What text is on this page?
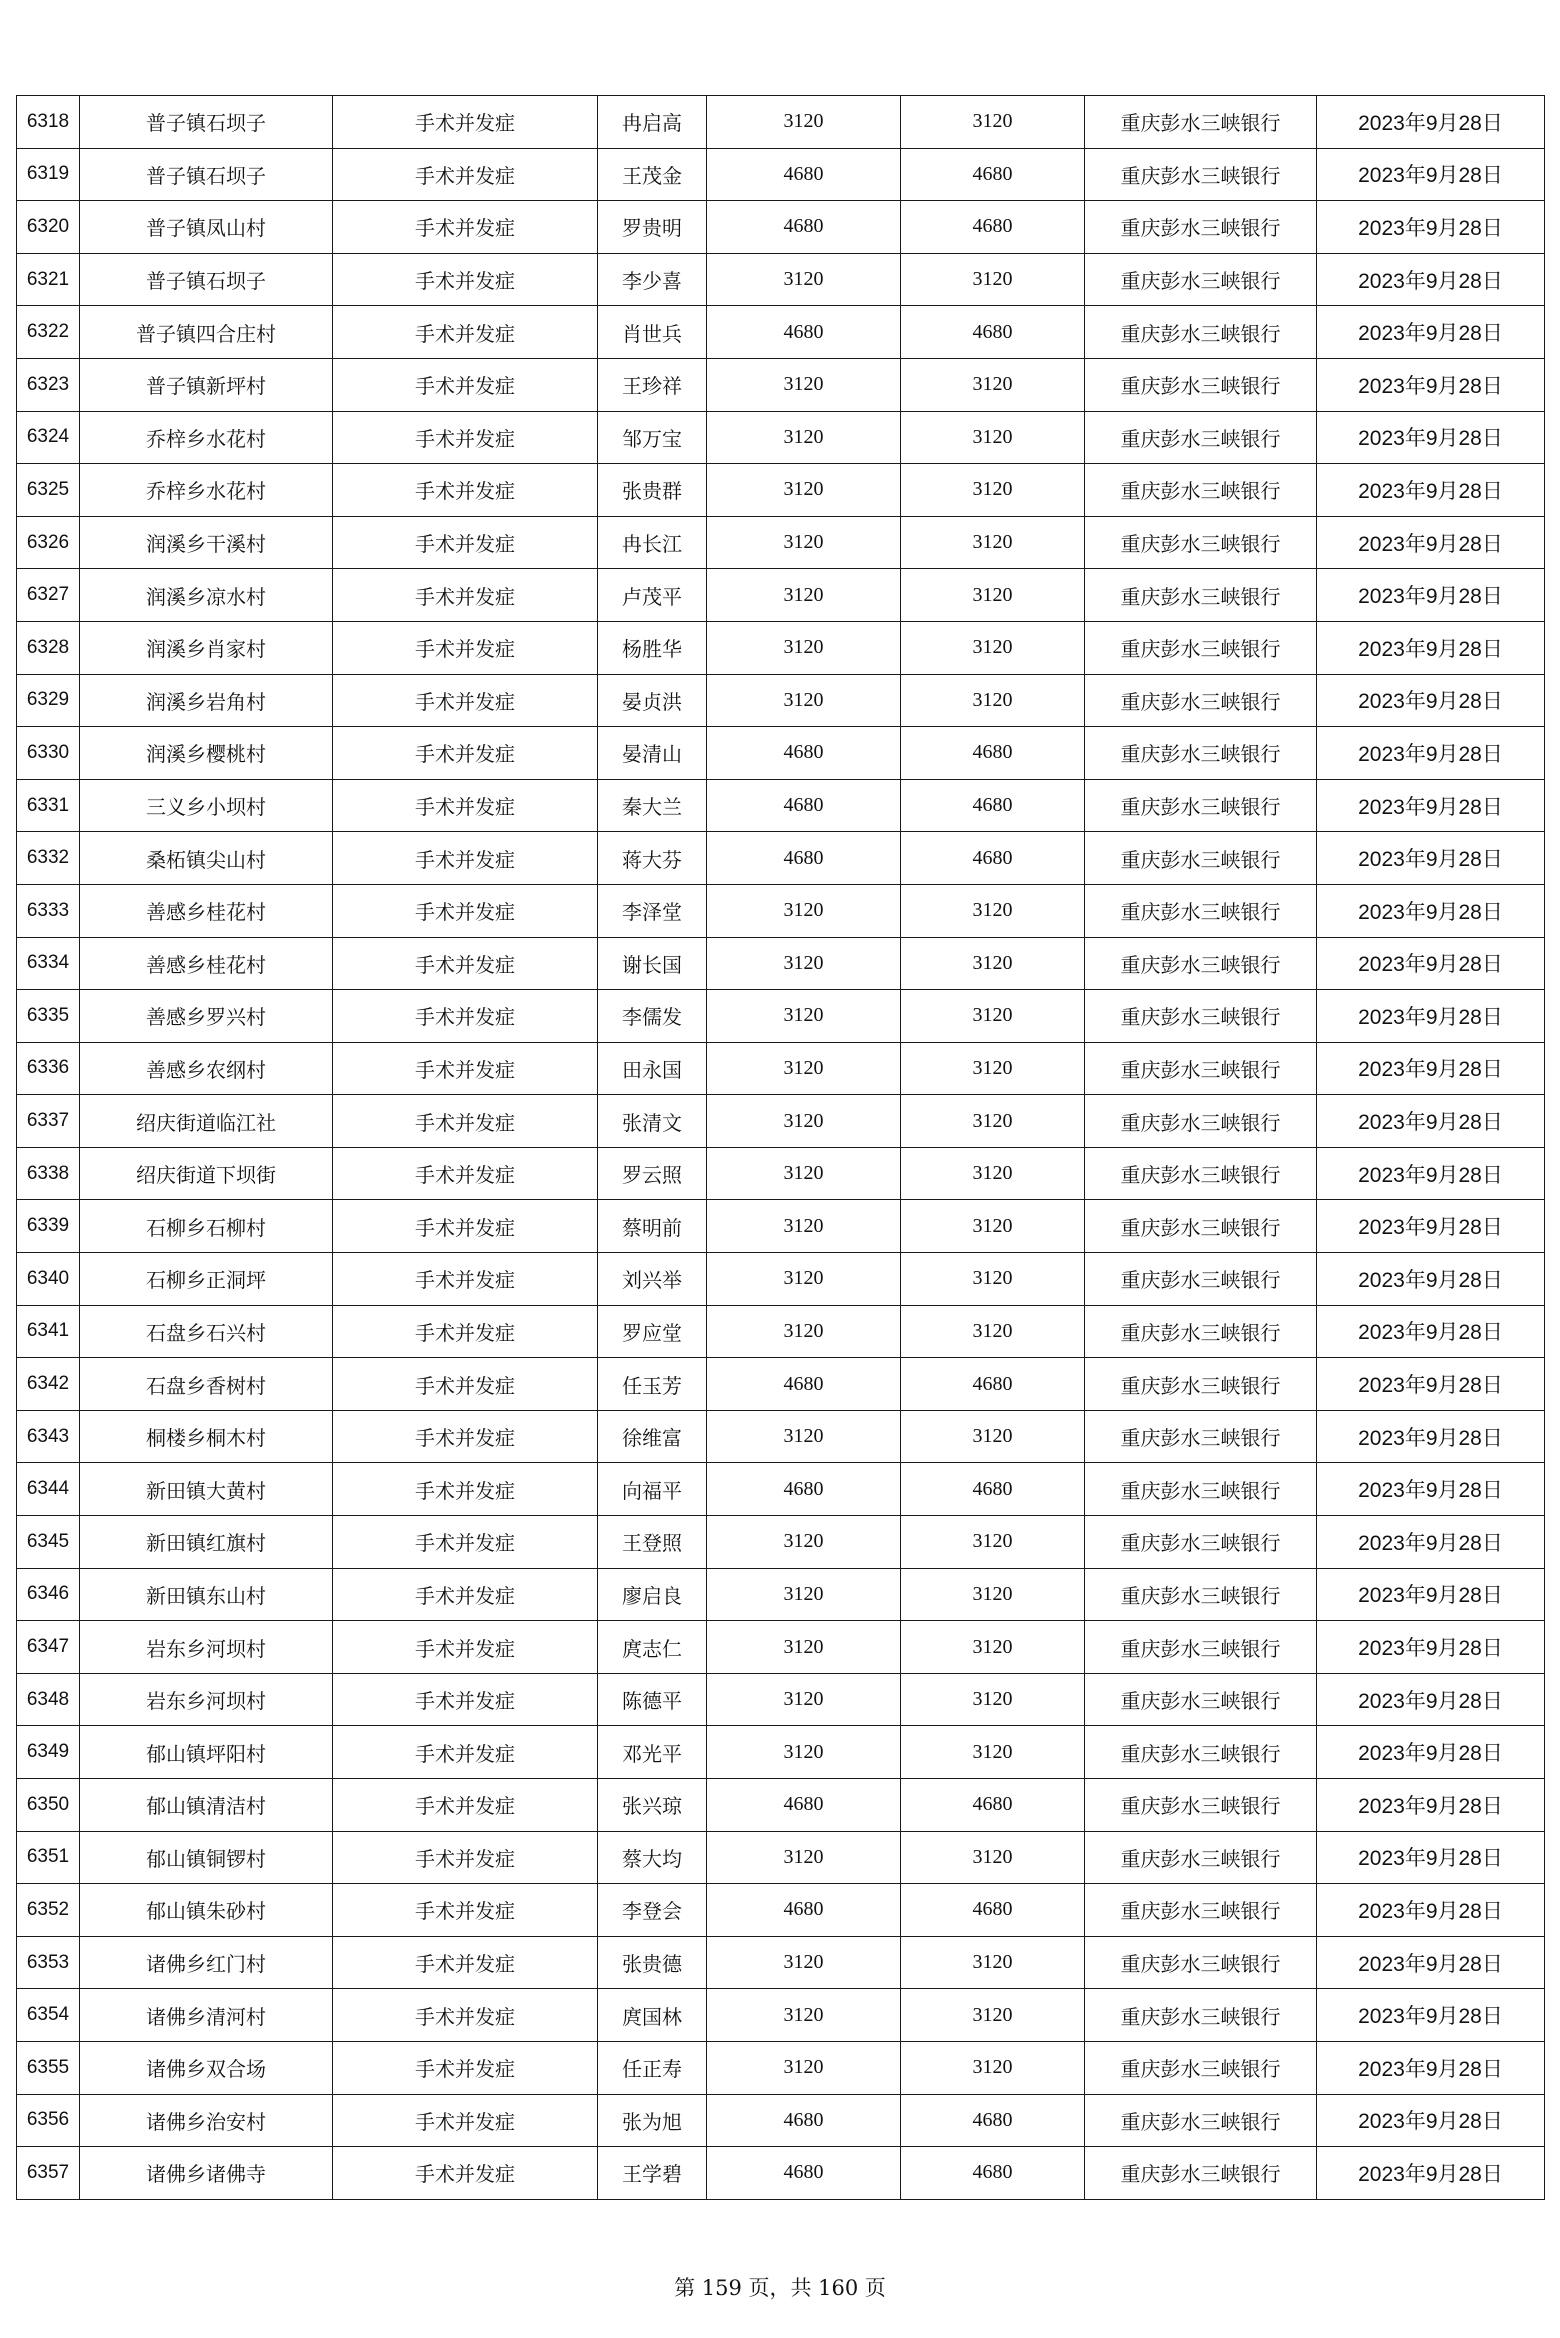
6318	普子镇石坝子	手术并发症	冉启高	3120	3120	重庆彭水三峡银行	2023年9月28日
6319	普子镇石坝子	手术并发症	王茂金	4680	4680	重庆彭水三峡银行	2023年9月28日
6320	普子镇凤山村	手术并发症	罗贵明	4680	4680	重庆彭水三峡银行	2023年9月28日
6321	普子镇石坝子	手术并发症	李少喜	3120	3120	重庆彭水三峡银行	2023年9月28日
6322	普子镇四合庄村	手术并发症	肖世兵	4680	4680	重庆彭水三峡银行	2023年9月28日
6323	普子镇新坪村	手术并发症	王珍祥	3120	3120	重庆彭水三峡银行	2023年9月28日
6324	乔梓乡水花村	手术并发症	邹万宝	3120	3120	重庆彭水三峡银行	2023年9月28日
6325	乔梓乡水花村	手术并发症	张贵群	3120	3120	重庆彭水三峡银行	2023年9月28日
6326	润溪乡干溪村	手术并发症	冉长江	3120	3120	重庆彭水三峡银行	2023年9月28日
6327	润溪乡凉水村	手术并发症	卢茂平	3120	3120	重庆彭水三峡银行	2023年9月28日
6328	润溪乡肖家村	手术并发症	杨胜华	3120	3120	重庆彭水三峡银行	2023年9月28日
6329	润溪乡岩角村	手术并发症	晏贞洪	3120	3120	重庆彭水三峡银行	2023年9月28日
6330	润溪乡樱桃村	手术并发症	晏清山	4680	4680	重庆彭水三峡银行	2023年9月28日
6331	三义乡小坝村	手术并发症	秦大兰	4680	4680	重庆彭水三峡银行	2023年9月28日
6332	桑柘镇尖山村	手术并发症	蒋大芬	4680	4680	重庆彭水三峡银行	2023年9月28日
6333	善感乡桂花村	手术并发症	李泽堂	3120	3120	重庆彭水三峡银行	2023年9月28日
6334	善感乡桂花村	手术并发症	谢长国	3120	3120	重庆彭水三峡银行	2023年9月28日
6335	善感乡罗兴村	手术并发症	李儒发	3120	3120	重庆彭水三峡银行	2023年9月28日
6336	善感乡农纲村	手术并发症	田永国	3120	3120	重庆彭水三峡银行	2023年9月28日
6337	绍庆街道临江社	手术并发症	张清文	3120	3120	重庆彭水三峡银行	2023年9月28日
6338	绍庆街道下坝街	手术并发症	罗云照	3120	3120	重庆彭水三峡银行	2023年9月28日
6339	石柳乡石柳村	手术并发症	蔡明前	3120	3120	重庆彭水三峡银行	2023年9月28日
6340	石柳乡正洞坪	手术并发症	刘兴举	3120	3120	重庆彭水三峡银行	2023年9月28日
6341	石盘乡石兴村	手术并发症	罗应堂	3120	3120	重庆彭水三峡银行	2023年9月28日
6342	石盘乡香树村	手术并发症	任玉芳	4680	4680	重庆彭水三峡银行	2023年9月28日
6343	桐楼乡桐木村	手术并发症	徐维富	3120	3120	重庆彭水三峡银行	2023年9月28日
6344	新田镇大黄村	手术并发症	向福平	4680	4680	重庆彭水三峡银行	2023年9月28日
6345	新田镇红旗村	手术并发症	王登照	3120	3120	重庆彭水三峡银行	2023年9月28日
6346	新田镇东山村	手术并发症	廖启良	3120	3120	重庆彭水三峡银行	2023年9月28日
6347	岩东乡河坝村	手术并发症	庹志仁	3120	3120	重庆彭水三峡银行	2023年9月28日
6348	岩东乡河坝村	手术并发症	陈德平	3120	3120	重庆彭水三峡银行	2023年9月28日
6349	郁山镇坪阳村	手术并发症	邓光平	3120	3120	重庆彭水三峡银行	2023年9月28日
6350	郁山镇清洁村	手术并发症	张兴琼	4680	4680	重庆彭水三峡银行	2023年9月28日
6351	郁山镇铜锣村	手术并发症	蔡大均	3120	3120	重庆彭水三峡银行	2023年9月28日
6352	郁山镇朱砂村	手术并发症	李登会	4680	4680	重庆彭水三峡银行	2023年9月28日
6353	诸佛乡红门村	手术并发症	张贵德	3120	3120	重庆彭水三峡银行	2023年9月28日
6354	诸佛乡清河村	手术并发症	庹国林	3120	3120	重庆彭水三峡银行	2023年9月28日
6355	诸佛乡双合场	手术并发症	任正寿	3120	3120	重庆彭水三峡银行	2023年9月28日
6356	诸佛乡治安村	手术并发症	张为旭	4680	4680	重庆彭水三峡银行	2023年9月28日
6357	诸佛乡诸佛寺	手术并发症	王学碧	4680	4680	重庆彭水三峡银行	2023年9月28日
第 159 页，共 160 页
